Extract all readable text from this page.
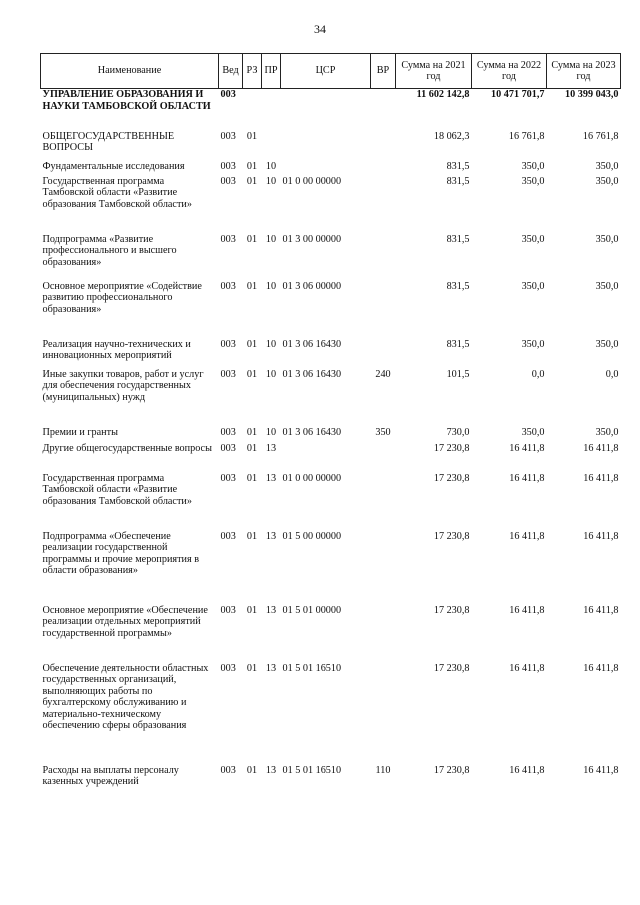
34
Наименование	Вед	РЗ	ПР	ЦСР	ВР	Сумма на 2021 год	Сумма на 2022 год	Сумма на 2023 год
УПРАВЛЕНИЕ ОБРАЗОВАНИЯ И НАУКИ ТАМБОВСКОЙ ОБЛАСТИ	003					11 602 142,8	10 471 701,7	10 399 043,0
ОБЩЕГОСУДАРСТВЕННЫЕ ВОПРОСЫ	003	01				18 062,3	16 761,8	16 761,8
Фундаментальные исследования	003	01	10			831,5	350,0	350,0
Государственная программа Тамбовской области «Развитие образования Тамбовской области»	003	01	10	01 0 00 00000		831,5	350,0	350,0
Подпрограмма «Развитие профессионального и высшего образования»	003	01	10	01 3 00 00000		831,5	350,0	350,0
Основное мероприятие «Содействие развитию профессионального образования»	003	01	10	01 3 06 00000		831,5	350,0	350,0
Реализация научно-технических и инновационных мероприятий	003	01	10	01 3 06 16430		831,5	350,0	350,0
Иные закупки товаров, работ и услуг для обеспечения государственных (муниципальных) нужд	003	01	10	01 3 06 16430	240	101,5	0,0	0,0
Премии и гранты	003	01	10	01 3 06 16430	350	730,0	350,0	350,0
Другие общегосударственные вопросы	003	01	13			17 230,8	16 411,8	16 411,8
Государственная программа Тамбовской области «Развитие образования Тамбовской области»	003	01	13	01 0 00 00000		17 230,8	16 411,8	16 411,8
Подпрограмма «Обеспечение реализации государственной программы и прочие мероприятия в области образования»	003	01	13	01 5 00 00000		17 230,8	16 411,8	16 411,8
Основное мероприятие «Обеспечение реализации отдельных мероприятий государственной программы»	003	01	13	01 5 01 00000		17 230,8	16 411,8	16 411,8
Обеспечение деятельности областных государственных организаций, выполняющих работы по бухгалтерскому обслуживанию и материально-техническому обеспечению сферы образования	003	01	13	01 5 01 16510		17 230,8	16 411,8	16 411,8
Расходы на выплаты персоналу казенных учреждений	003	01	13	01 5 01 16510	110	17 230,8	16 411,8	16 411,8
